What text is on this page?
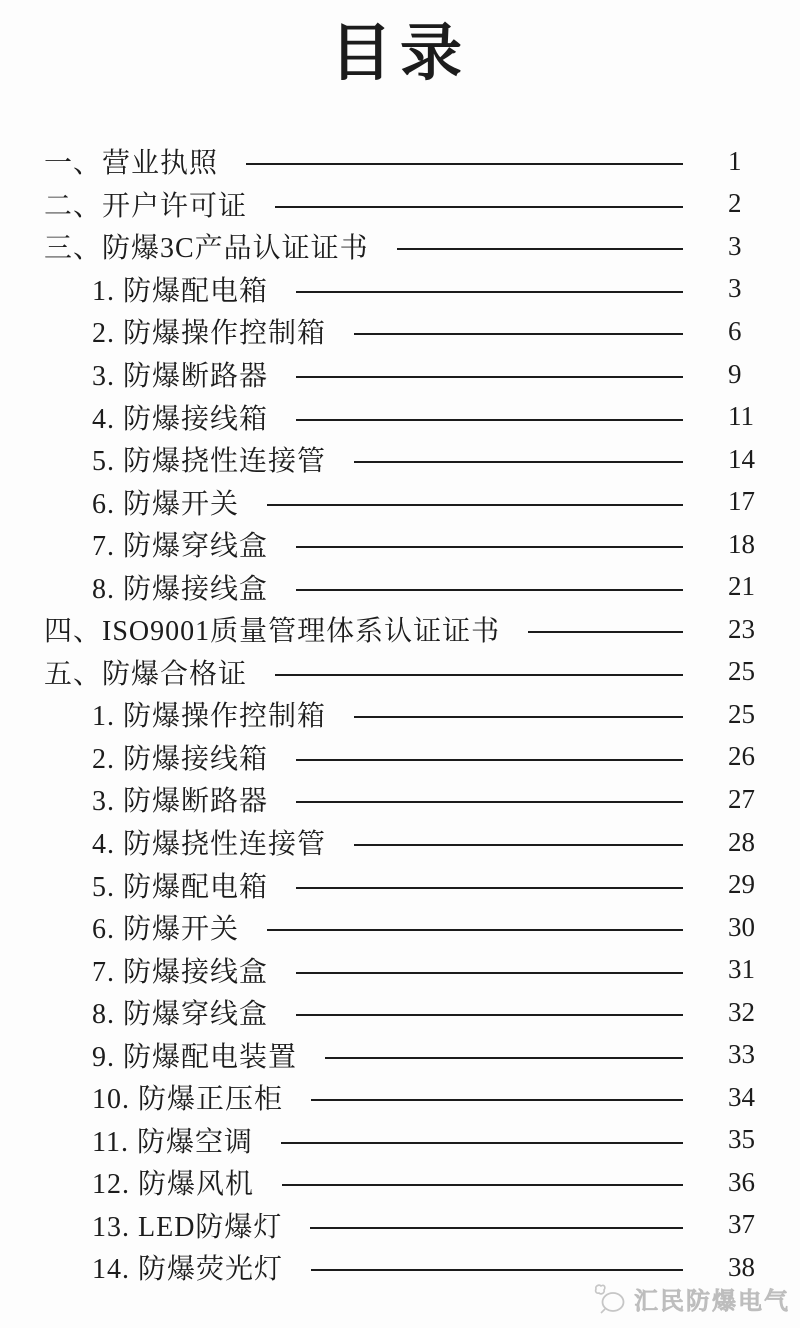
目录
一、营业执照	1
二、开户许可证	2
三、防爆3C产品认证证书	3
1. 防爆配电箱	3
2. 防爆操作控制箱	6
3. 防爆断路器	9
4. 防爆接线箱	11
5. 防爆挠性连接管	14
6. 防爆开关	17
7. 防爆穿线盒	18
8. 防爆接线盒	21
四、ISO9001质量管理体系认证证书	23
五、防爆合格证	25
1. 防爆操作控制箱	25
2. 防爆接线箱	26
3. 防爆断路器	27
4. 防爆挠性连接管	28
5. 防爆配电箱	29
6. 防爆开关	30
7. 防爆接线盒	31
8. 防爆穿线盒	32
9. 防爆配电装置	33
10. 防爆正压柜	34
11. 防爆空调	35
12. 防爆风机	36
13. LED防爆灯	37
14. 防爆荧光灯	38
汇民防爆电气
